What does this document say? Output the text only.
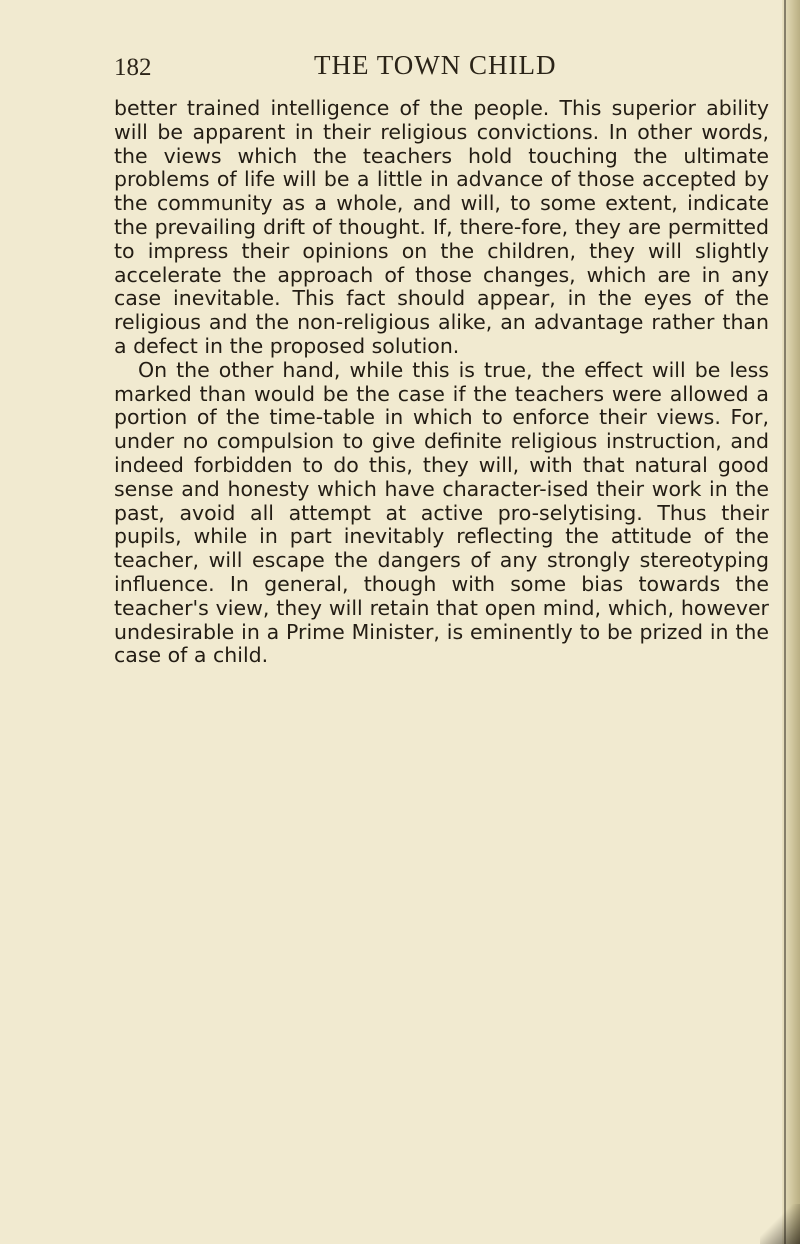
182	THE TOWN CHILD

better trained intelligence of the people. This superior ability will be apparent in their religious convictions. In other words, the views which the teachers hold touching the ultimate problems of life will be a little in advance of those accepted by the community as a whole, and will, to some extent, indicate the prevailing drift of thought. If, there-fore, they are permitted to impress their opinions on the children, they will slightly accelerate the approach of those changes, which are in any case inevitable. This fact should appear, in the eyes of the religious and the non-religious alike, an advantage rather than a defect in the proposed solution.

On the other hand, while this is true, the effect will be less marked than would be the case if the teachers were allowed a portion of the time-table in which to enforce their views. For, under no compulsion to give definite religious instruction, and indeed forbidden to do this, they will, with that natural good sense and honesty which have character-ised their work in the past, avoid all attempt at active pro-selytising. Thus their pupils, while in part inevitably reflecting the attitude of the teacher, will escape the dangers of any strongly stereotyping influence. In general, though with some bias towards the teacher's view, they will retain that open mind, which, however undesirable in a Prime Minister, is eminently to be prized in the case of a child.
